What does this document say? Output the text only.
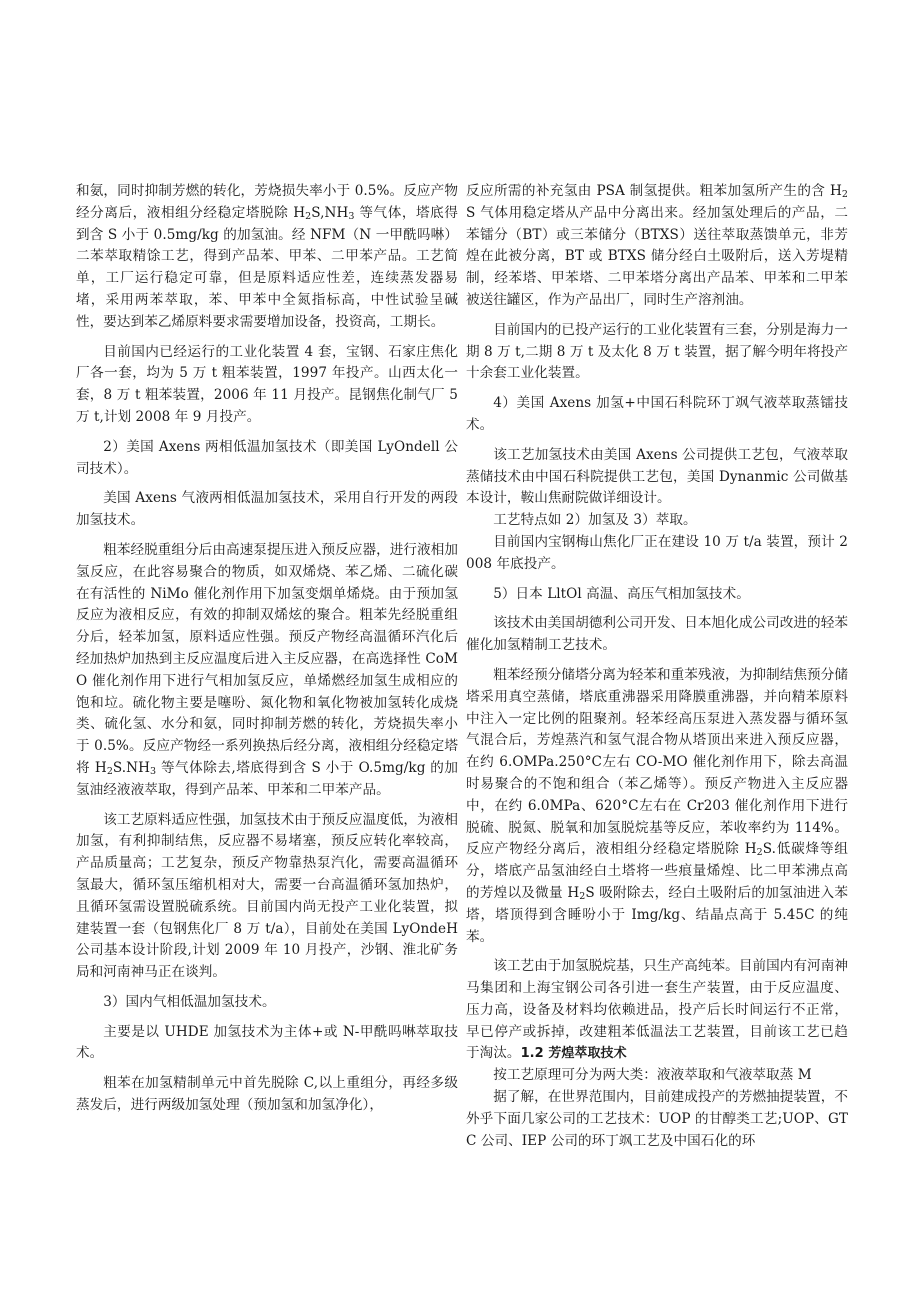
和氨，同时抑制芳燃的转化，芳烧损失率小于 0.5%。反应产物经分离后，液相组分经稳定塔脱除 $H_2S,NH_3$ 等气体，塔底得到含 S 小于 0.5mg/kg 的加氢油。经 NFM（N 一甲酰吗啉）二苯萃取精馀工艺，得到产品苯、甲苯、二甲苯产品。工艺简单，工厂运行稳定可靠，但是原料适应性差，连续蒸发器易堵，采用两苯萃取，苯、甲苯中全氮指标高，中性试验呈碱性，要达到苯乙烯原料要求需要增加设备，投资高，工期长。

目前国内已经运行的工业化装置 4 套，宝钢、石家庄焦化厂各一套，均为 5 万 t 粗苯装置，1997 年投产。山西太化一套，8 万 t 粗苯装置，2006 年 11 月投产。昆钢焦化制气厂 5 万 t,计划 2008 年 9 月投产。

2）美国 Axens 两相低温加氢技术（即美国 LyOndell 公司技术）。

美国 Axens 气液两相低温加氢技术，采用自行开发的两段加氢技术。

粗苯经脱重组分后由高速泵提压进入预反应器，进行液相加氢反应，在此容易聚合的物质，如双烯烧、苯乙烯、二硫化碳在有活性的 NiMo 催化剂作用下加氢变烟单烯烧。由于预加氢反应为液相反应，有效的抑制双烯炫的聚合。粗苯先经脱重组分后，轻苯加氢，原料适应性强。预反产物经高温循环汽化后经加热炉加热到主反应温度后进入主反应器，在高选择性 CoMO 催化剂作用下进行气相加氢反应，单烯燃经加氢生成相应的饱和垃。硫化物主要是噻吩、氮化物和氧化物被加氢转化成烧类、硫化氢、水分和氨，同时抑制芳燃的转化，芳烧损失率小于 0.5%。反应产物经一系列换热后经分离，液相组分经稳定塔将 $H_2S.NH_3$ 等气体除去,塔底得到含 S 小于 O.5mg/kg 的加氢油经液液萃取，得到产品苯、甲苯和二甲苯产品。

该工艺原料适应性强，加氢技术由于预反应温度低，为液相加氢，有利抑制结焦，反应器不易堵塞，预反应转化率较高，产品质量高；工艺复杂，预反产物靠热泵汽化，需要高温循环氢最大，循环氢压缩机相对大，需要一台高温循环氢加热炉，且循环氢需设置脱硫系统。目前国内尚无投产工业化装置，拟建装置一套（包钢焦化厂 8 万 t/a），目前处在美国 LyOndeH 公司基本设计阶段,计划 2009 年 10 月投产，沙钢、淮北矿务局和河南神马正在谈判。

3）国内气相低温加氢技术。

主要是以 UHDE 加氢技术为主体+或 N-甲酰吗啉萃取技术。

粗苯在加氢精制单元中首先脱除 C,以上重组分，再经多级蒸发后，进行两级加氢处理（预加氢和加氢净化），

反应所需的补充氢由 PSA 制氢提供。粗苯加氢所产生的含 $H_2S$ 气体用稳定塔从产品中分离出来。经加氢处理后的产品，二苯镭分（BT）或三苯储分（BTXS）送往萃取蒸馈单元，非芳煌在此被分离，BT 或 BTXS 储分经白土吸附后，送入芳堤精制，经苯塔、甲苯塔、二甲苯塔分离出产品苯、甲苯和二甲苯被送往罐区，作为产品出厂，同时生产溶剂油。

目前国内的已投产运行的工业化装置有三套，分别是海力一期 8 万 t,二期 8 万 t 及太化 8 万 t 装置，据了解今明年将投产十余套工业化装置。

4）美国 Axens 加氢+中国石科院环丁飒气液萃取蒸镭技术。

该工艺加氢技术由美国 Axens 公司提供工艺包，气液萃取蒸储技术由中国石科院提供工艺包，美国 Dynanmic 公司做基本设计，鞍山焦耐院做详细设计。

工艺特点如 2）加氢及 3）萃取。

目前国内宝钢梅山焦化厂正在建设 10 万 t/a 装置，预计 2008 年底投产。

5）日本 LltOl 高温、高压气相加氢技术。

该技术由美国胡德利公司开发、日本旭化成公司改进的轻苯催化加氢精制工艺技术。

粗苯经预分储塔分离为轻苯和重苯残液，为抑制结焦预分储塔采用真空蒸储，塔底重沸器采用降膜重沸器，并向精苯原料中注入一定比例的阻聚剂。轻苯经高压泵进入蒸发器与循环氢气混合后，芳煌蒸汽和氢气混合物从塔顶出来进入预反应器，在约 6.OMPa.250°C左右 CO-MO 催化剂作用下，除去高温时易聚合的不饱和组合（苯乙烯等）。预反产物进入主反应器中，在约 6.0MPa、620°C左右在 Cr203 催化剂作用下进行脱硫、脱氮、脱氧和加氢脱烷基等反应，苯收率约为 114%。反应产物经分离后，液相组分经稳定塔脱除 $H_2S$.低碳烽等组分，塔底产品氢油经白土塔将一些痕量烯煌、比二甲苯沸点高的芳煌以及微量 $H_2S$ 吸附除去，经白土吸附后的加氢油进入苯塔，塔顶得到含睡吩小于 Img/kg、结晶点高于 5.45C 的纯苯。

该工艺由于加氢脱烷基，只生产高纯苯。目前国内有河南神马集团和上海宝钢公司各引进一套生产装置，由于反应温度、压力高，设备及材料均依赖进品，投产后长时间运行不正常，早已停产或拆掉，改建粗苯低温法工艺装置，目前该工艺已趋于淘汰。1.2 芳煌萃取技术

按工艺原理可分为两大类：液液萃取和气液萃取蒸 M

据了解，在世界范围内，目前建成投产的芳燃抽提装置，不外乎下面几家公司的工艺技术：UOP 的甘醇类工艺;UOP、GTC 公司、IEP 公司的环丁飒工艺及中国石化的环
